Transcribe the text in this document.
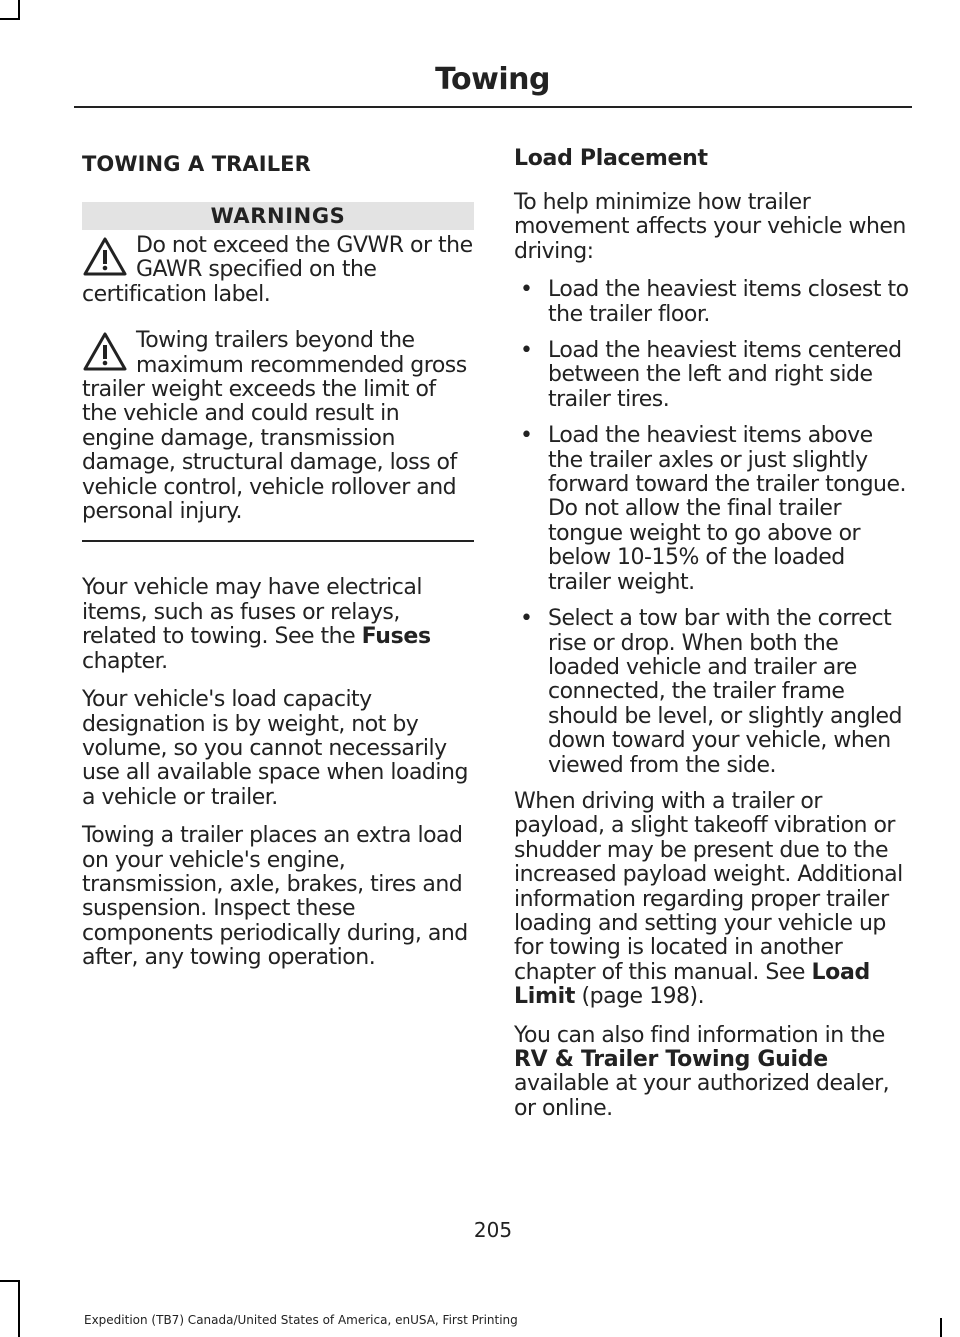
Towing
TOWING A TRAILER
WARNINGS
Do not exceed the GVWR or the GAWR specified on the certification label.
Towing trailers beyond the maximum recommended gross trailer weight exceeds the limit of the vehicle and could result in engine damage, transmission damage, structural damage, loss of vehicle control, vehicle rollover and personal injury.

Your vehicle may have electrical items, such as fuses or relays, related to towing. See the Fuses chapter.

Your vehicle's load capacity designation is by weight, not by volume, so you cannot necessarily use all available space when loading a vehicle or trailer.

Towing a trailer places an extra load on your vehicle's engine, transmission, axle, brakes, tires and suspension. Inspect these components periodically during, and after, any towing operation.

Load Placement

To help minimize how trailer movement affects your vehicle when driving:

• Load the heaviest items closest to the trailer floor.
• Load the heaviest items centered between the left and right side trailer tires.
• Load the heaviest items above the trailer axles or just slightly forward toward the trailer tongue. Do not allow the final trailer tongue weight to go above or below 10-15% of the loaded trailer weight.
• Select a tow bar with the correct rise or drop. When both the loaded vehicle and trailer are connected, the trailer frame should be level, or slightly angled down toward your vehicle, when viewed from the side.

When driving with a trailer or payload, a slight takeoff vibration or shudder may be present due to the increased payload weight. Additional information regarding proper trailer loading and setting your vehicle up for towing is located in another chapter of this manual. See Load Limit (page 198).

You can also find information in the RV & Trailer Towing Guide available at your authorized dealer, or online.

205
Expedition (TB7) Canada/United States of America, enUSA, First Printing
